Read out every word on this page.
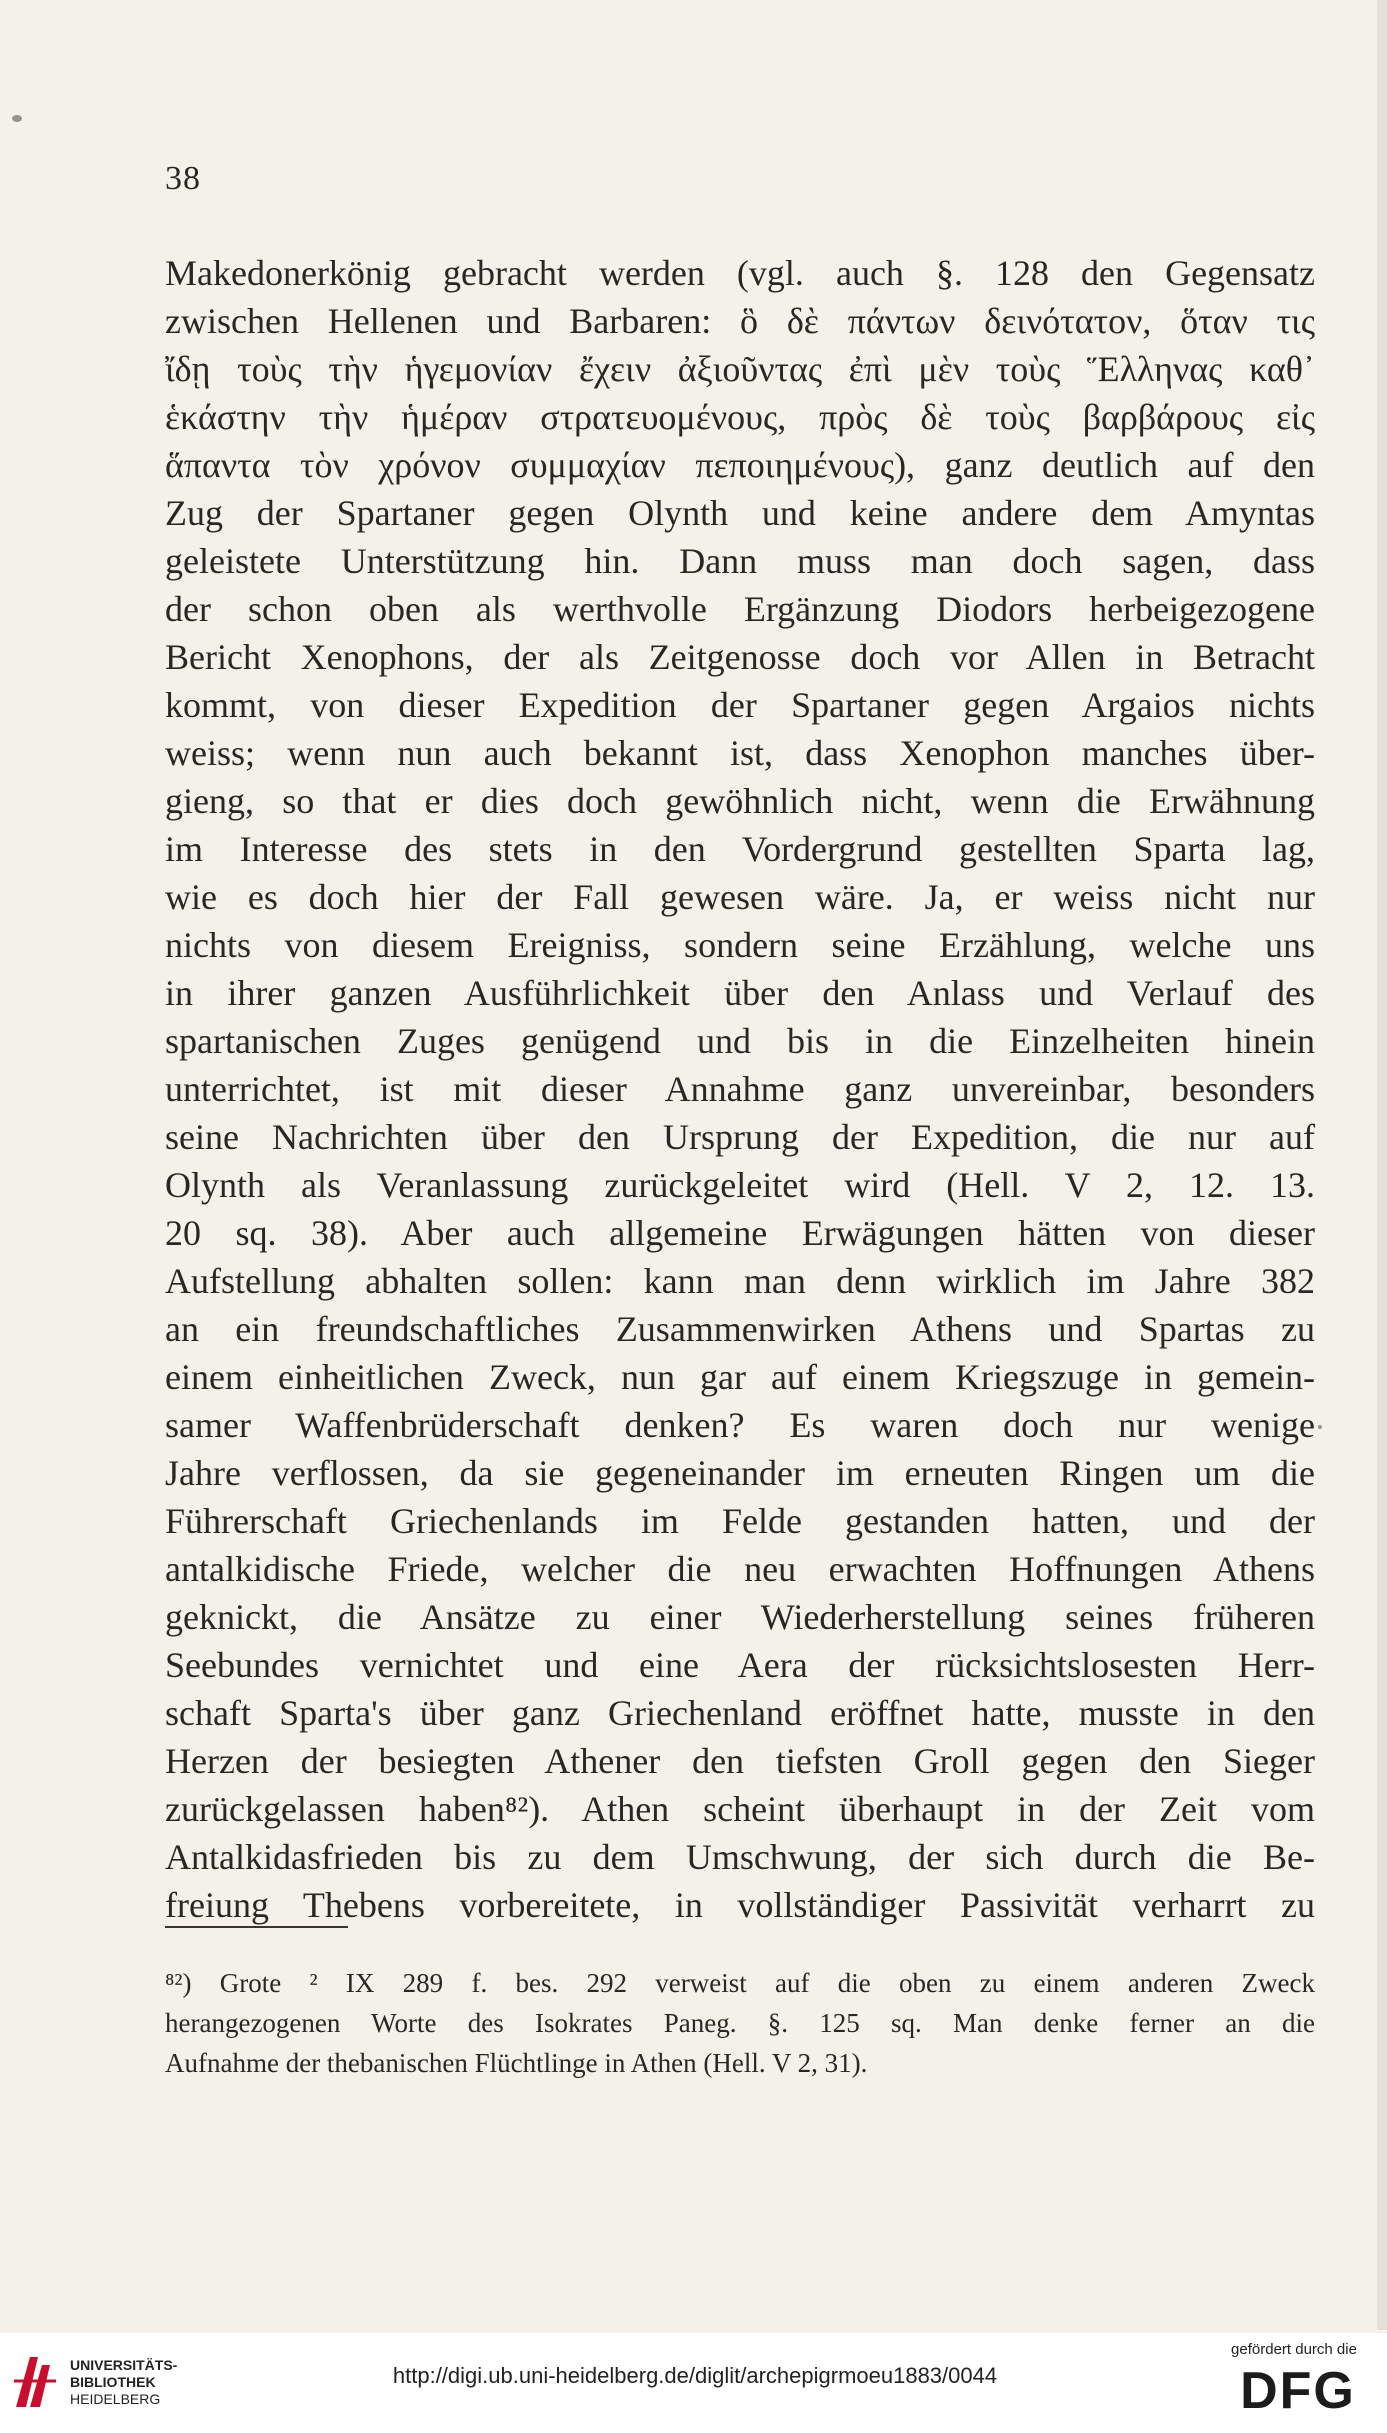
38
Makedonerkönig gebracht werden (vgl. auch §. 128 den Gegensatz
zwischen Hellenen und Barbaren: ὃ δὲ πάντων δεινότατον, ὅταν τις
ἴδῃ τοὺς τὴν ἡγεμονίαν ἔχειν ἀξιοῦντας ἐπὶ μὲν τοὺς Ἕλληνας καθ᾽
ἑκάστην τὴν ἡμέραν στρατευομένους, πρὸς δὲ τοὺς βαρβάρους εἰς
ἅπαντα τὸν χρόνον συμμαχίαν πεποιημένους), ganz deutlich auf den
Zug der Spartaner gegen Olynth und keine andere dem Amyntas
geleistete Unterstützung hin. Dann muss man doch sagen, dass
der schon oben als werthvolle Ergänzung Diodors herbeigezogene
Bericht Xenophons, der als Zeitgenosse doch vor Allen in Betracht
kommt, von dieser Expedition der Spartaner gegen Argaios nichts
weiss; wenn nun auch bekannt ist, dass Xenophon manches über-
gieng, so that er dies doch gewöhnlich nicht, wenn die Erwähnung
im Interesse des stets in den Vordergrund gestellten Sparta lag,
wie es doch hier der Fall gewesen wäre. Ja, er weiss nicht nur
nichts von diesem Ereigniss, sondern seine Erzählung, welche uns
in ihrer ganzen Ausführlichkeit über den Anlass und Verlauf des
spartanischen Zuges genügend und bis in die Einzelheiten hinein
unterrichtet, ist mit dieser Annahme ganz unvereinbar, besonders
seine Nachrichten über den Ursprung der Expedition, die nur auf
Olynth als Veranlassung zurückgeleitet wird (Hell. V 2, 12. 13.
20 sq. 38). Aber auch allgemeine Erwägungen hätten von dieser
Aufstellung abhalten sollen: kann man denn wirklich im Jahre 382
an ein freundschaftliches Zusammenwirken Athens und Spartas zu
einem einheitlichen Zweck, nun gar auf einem Kriegszuge in gemein-
samer Waffenbrüderschaft denken? Es waren doch nur wenige
Jahre verflossen, da sie gegeneinander im erneuten Ringen um die
Führerschaft Griechenlands im Felde gestanden hatten, und der
antalkidische Friede, welcher die neu erwachten Hoffnungen Athens
geknickt, die Ansätze zu einer Wiederherstellung seines früheren
Seebundes vernichtet und eine Aera der rücksichtslosesten Herr-
schaft Sparta's über ganz Griechenland eröffnet hatte, musste in den
Herzen der besiegten Athener den tiefsten Groll gegen den Sieger
zurückgelassen haben⁸²). Athen scheint überhaupt in der Zeit vom
Antalkidasfrieden bis zu dem Umschwung, der sich durch die Be-
freiung Thebens vorbereitete, in vollständiger Passivität verharrt zu
⁸²) Grote ² IX 289 f. bes. 292 verweist auf die oben zu einem anderen Zweck
herangezogenen Worte des Isokrates Paneg. §. 125 sq. Man denke ferner an die
Aufnahme der thebanischen Flüchtlinge in Athen (Hell. V 2, 31).
UNIVERSITÄTS-
BIBLIOTHEK
HEIDELBERG
http://digi.ub.uni-heidelberg.de/diglit/archepigrmoeu1883/0044
gefördert durch die
DFG
